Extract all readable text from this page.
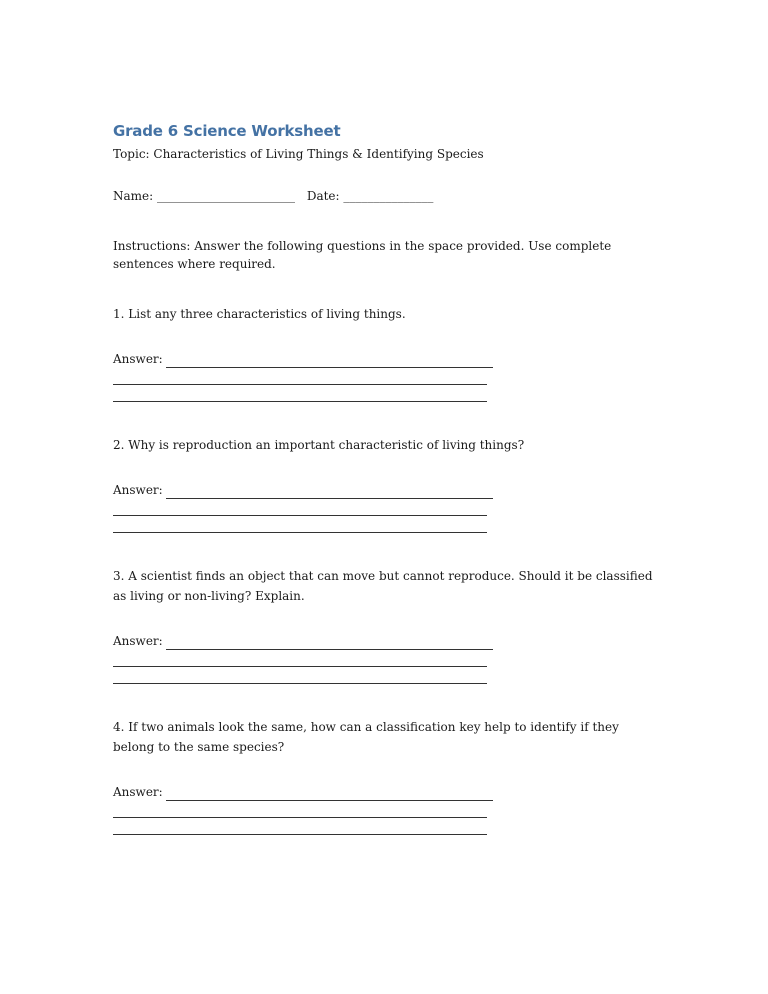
Grade 6 Science Worksheet
Topic: Characteristics of Living Things & Identifying Species
Name: _______________________ Date: _______________
Instructions: Answer the following questions in the space provided. Use complete sentences where required.
1. List any three characteristics of living things.
Answer:
2. Why is reproduction an important characteristic of living things?
Answer:
3. A scientist finds an object that can move but cannot reproduce. Should it be classified as living or non-living? Explain.
Answer:
4. If two animals look the same, how can a classification key help to identify if they belong to the same species?
Answer:
